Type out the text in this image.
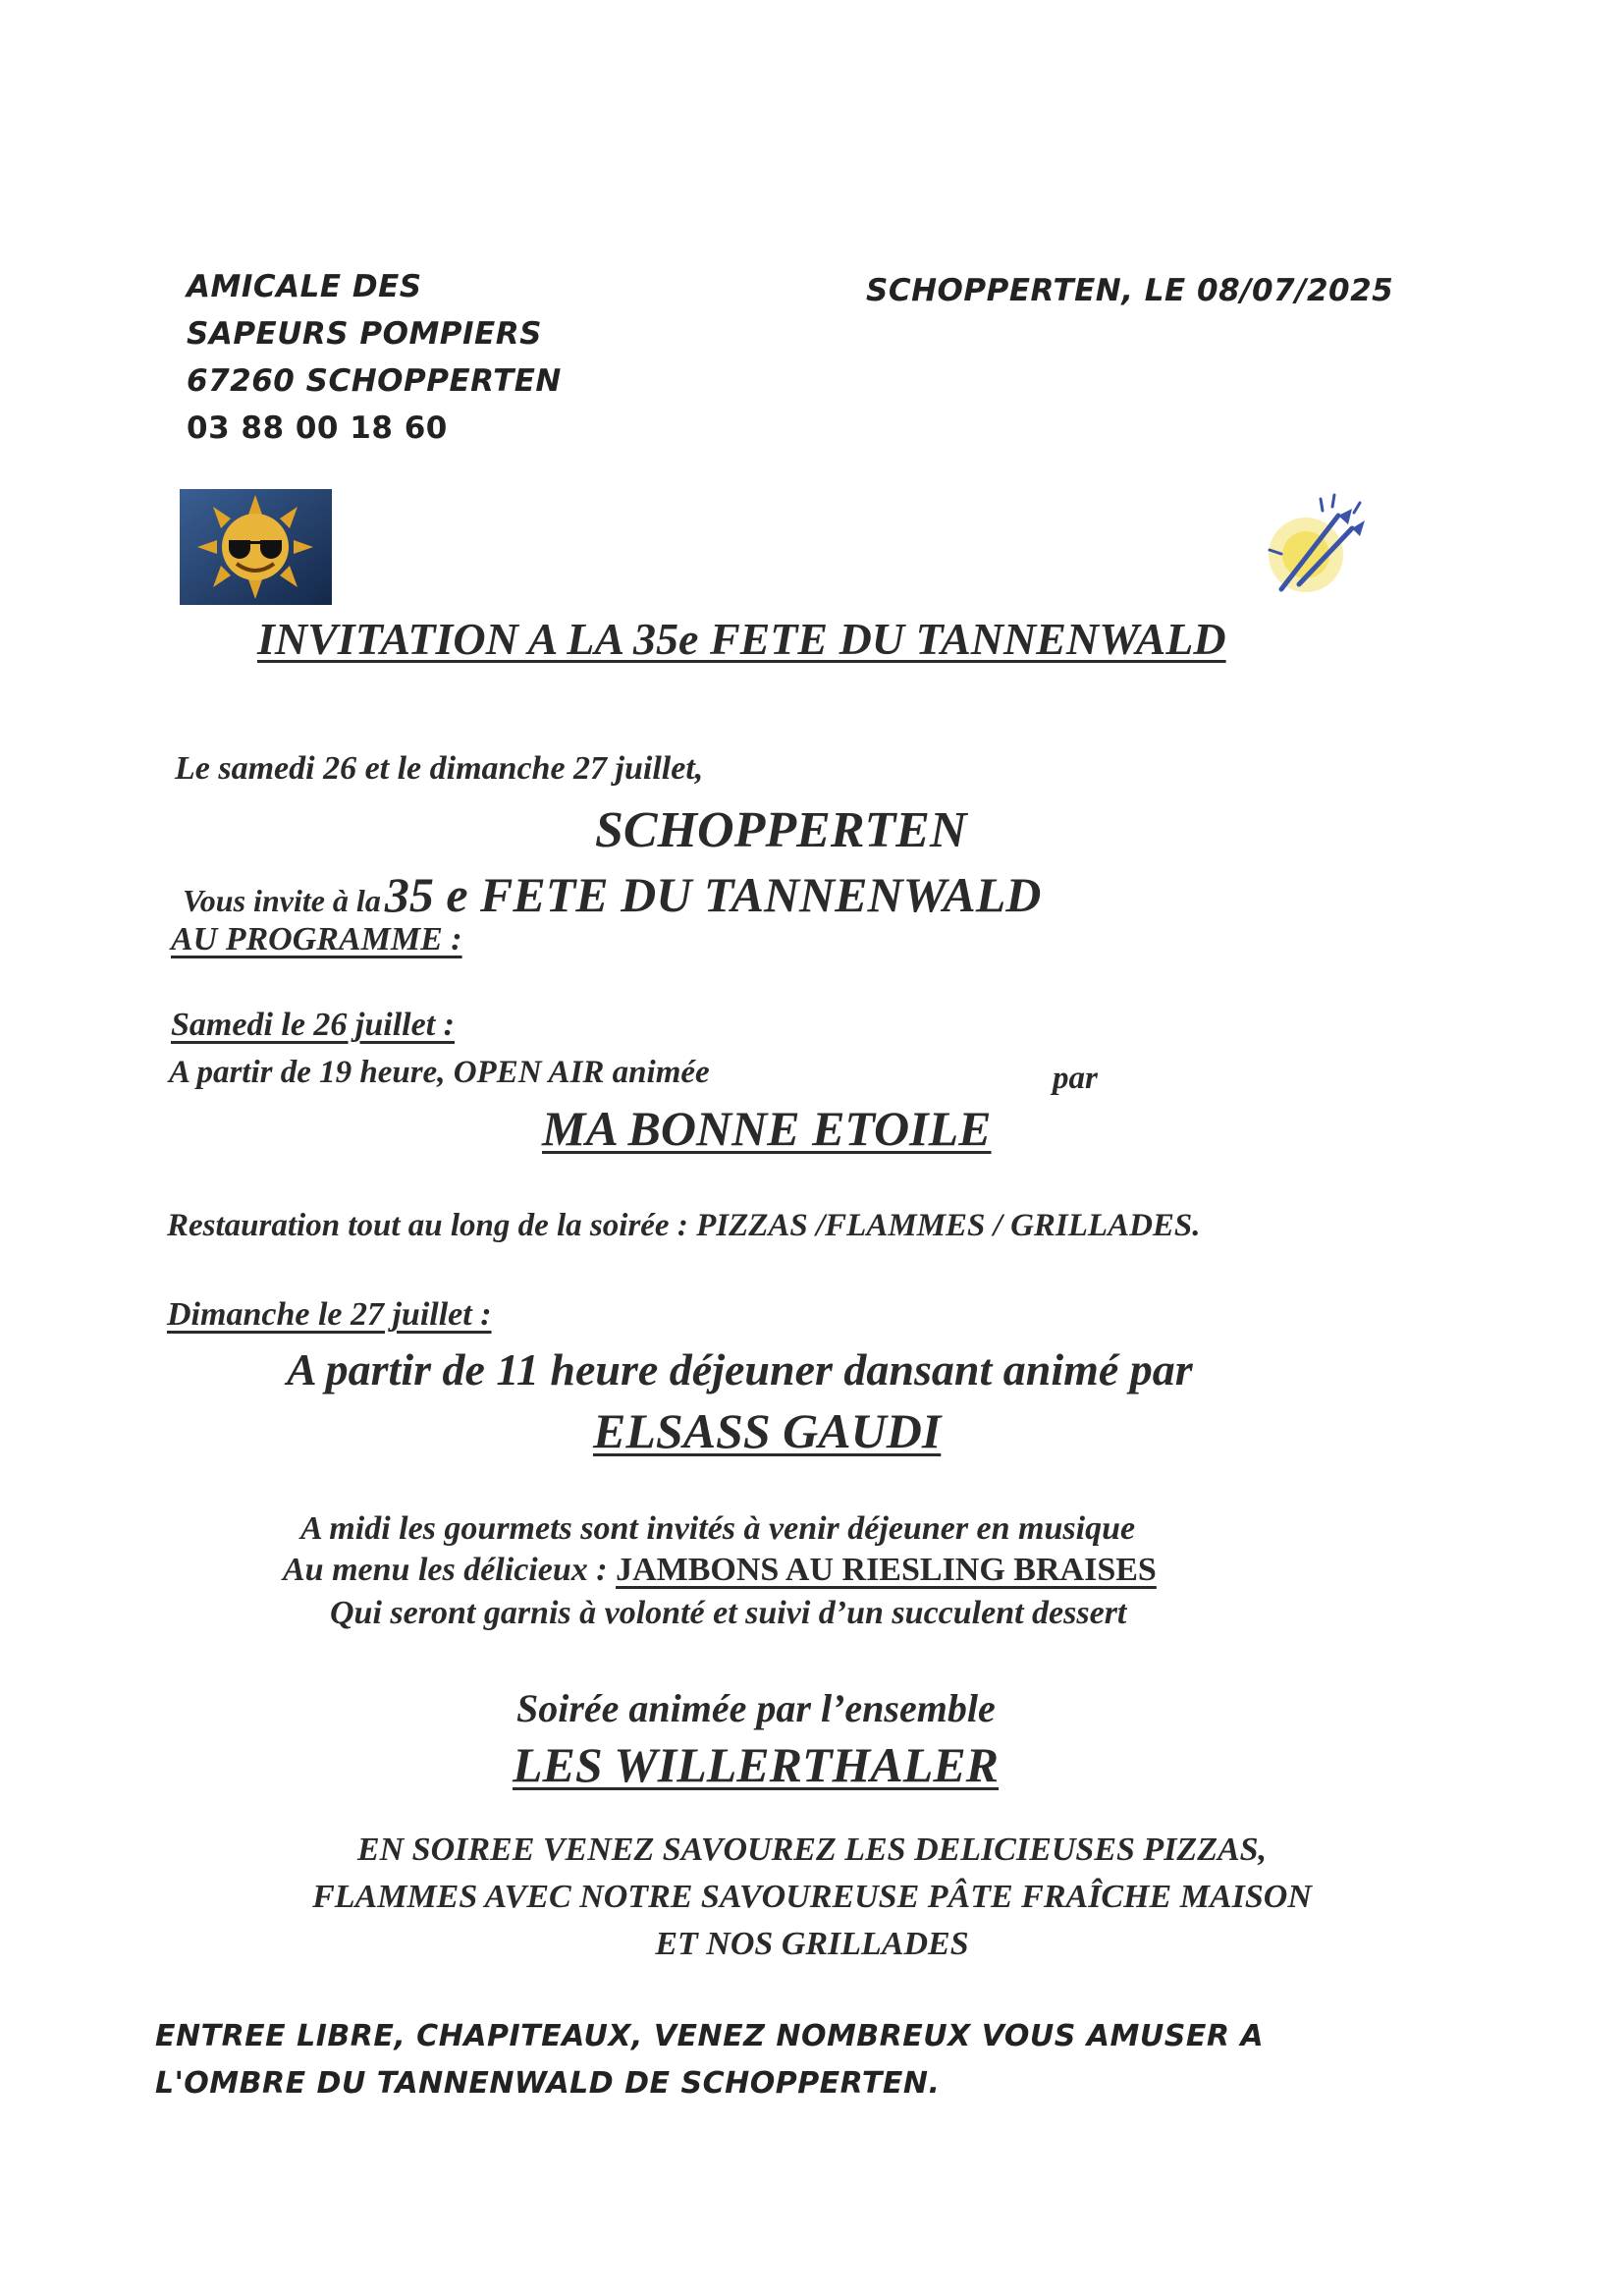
AMICALE DES
SAPEURS POMPIERS
67260 SCHOPPERTEN
03 88 00 18 60
SCHOPPERTEN, LE 08/07/2025
INVITATION A LA 35e FETE DU TANNENWALD
Le samedi 26 et le dimanche 27 juillet,
SCHOPPERTEN
Vous invite à la 35 e FETE DU TANNENWALD
AU PROGRAMME :
Samedi le 26 juillet :
A partir de 19 heure, OPEN AIR animée	par
MA BONNE ETOILE
Restauration tout au long de la soirée : PIZZAS /FLAMMES / GRILLADES.
Dimanche le 27 juillet :
A partir de 11 heure déjeuner dansant animé par
ELSASS GAUDI
A midi les gourmets sont invités à venir déjeuner en musique
Au menu les délicieux : JAMBONS AU RIESLING BRAISES
Qui seront garnis à volonté et suivi d’un succulent dessert
Soirée animée par l’ensemble
LES WILLERTHALER
EN SOIREE VENEZ SAVOUREZ LES DELICIEUSES PIZZAS,
FLAMMES AVEC NOTRE SAVOUREUSE PÂTE FRAÎCHE MAISON
ET NOS GRILLADES
ENTREE LIBRE, CHAPITEAUX, VENEZ NOMBREUX VOUS AMUSER A
L'OMBRE DU TANNENWALD DE SCHOPPERTEN.
